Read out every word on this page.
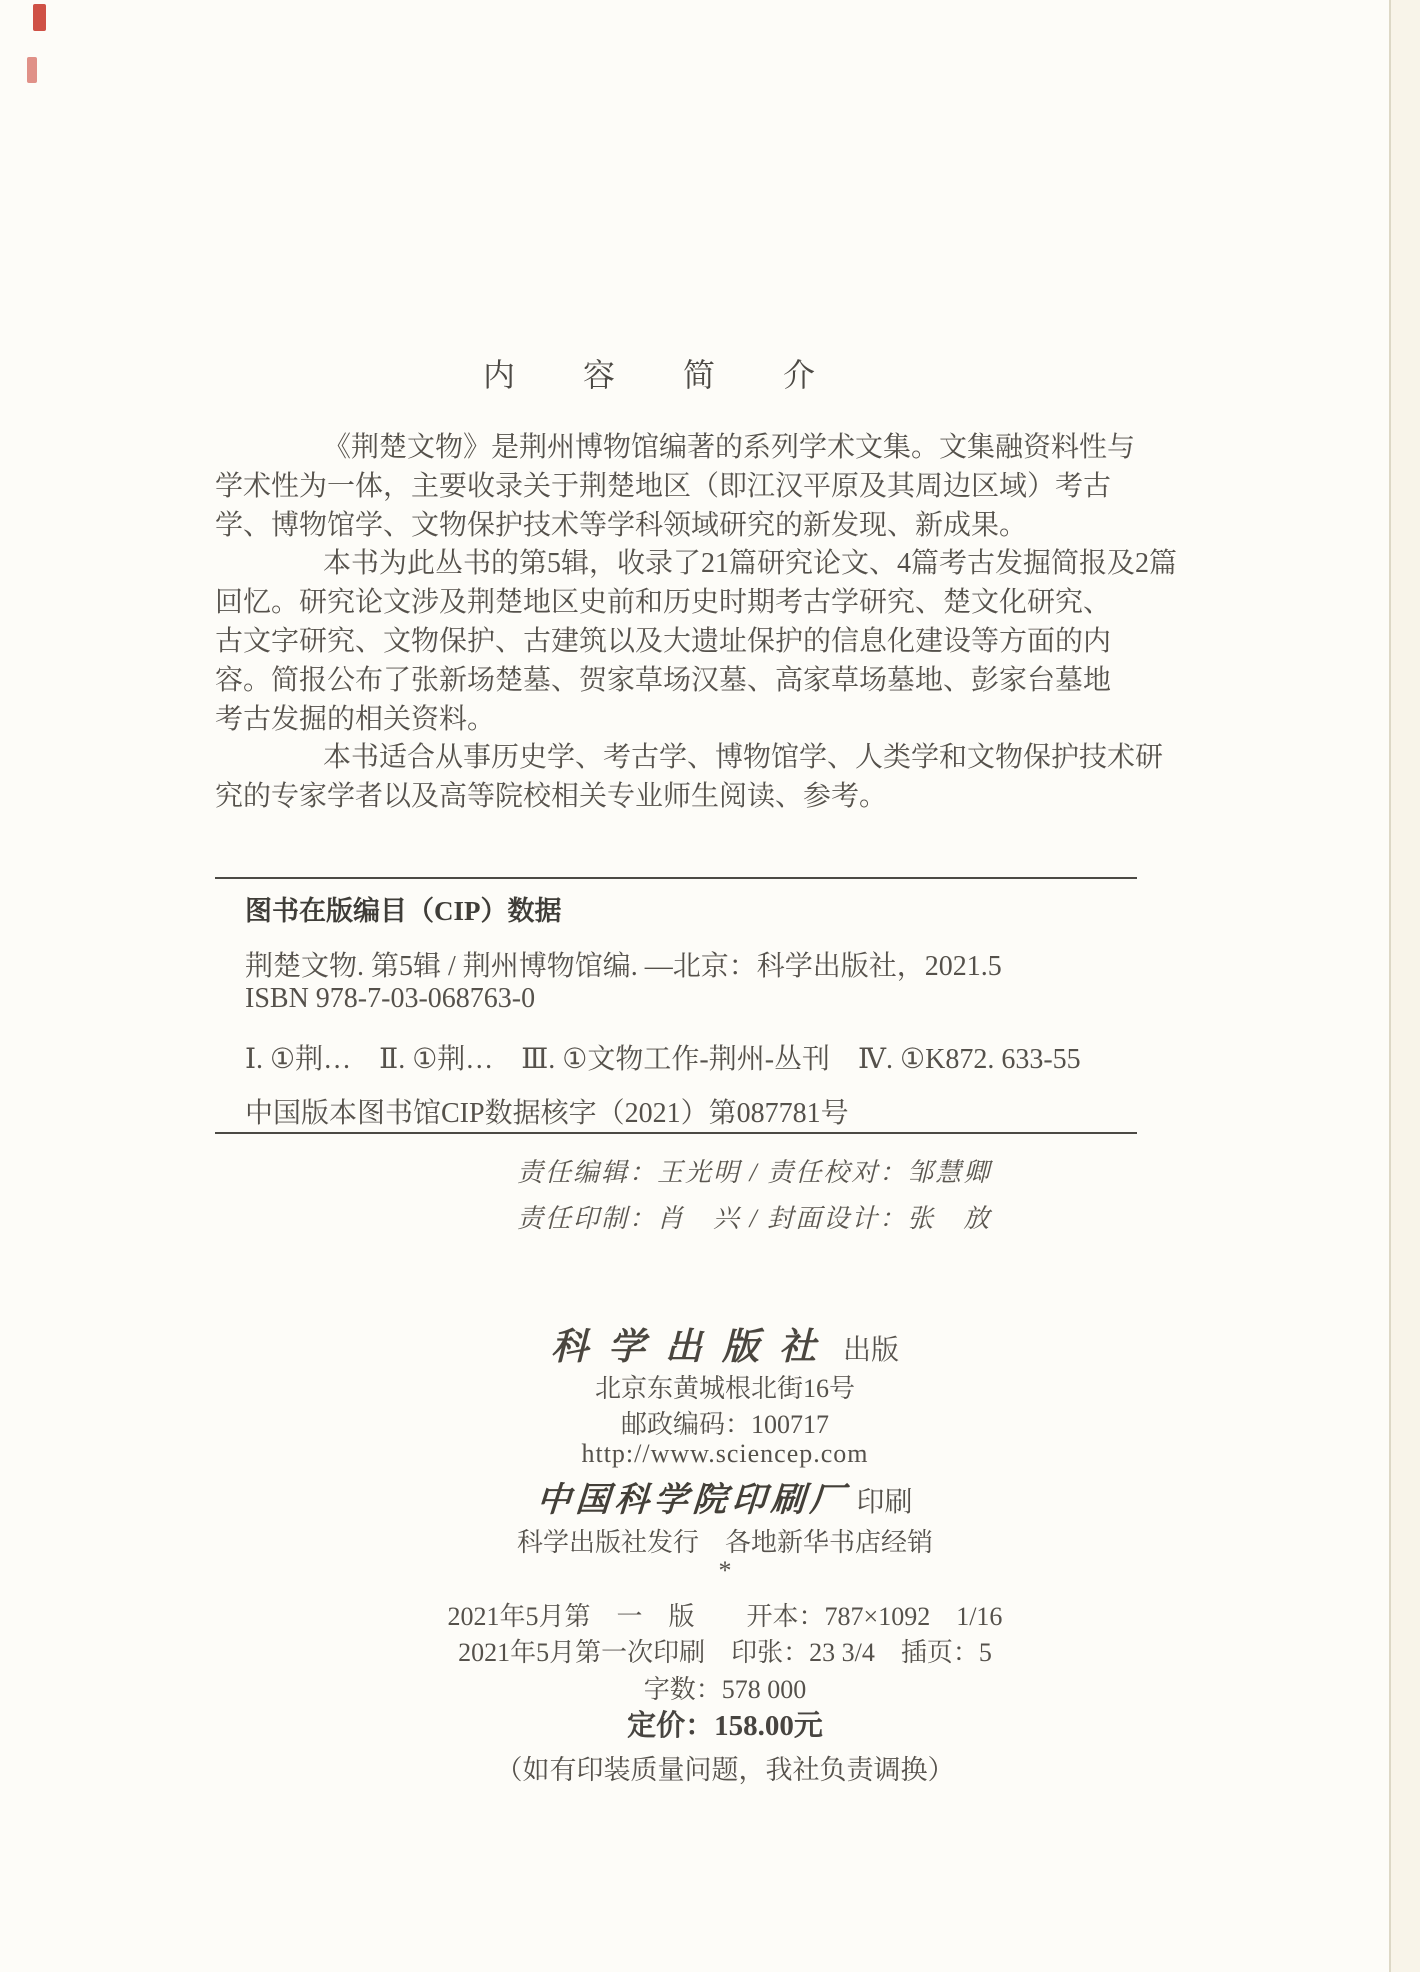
内 容 简 介
《荆楚文物》是荆州博物馆编著的系列学术文集。文集融资料性与
学术性为一体，主要收录关于荆楚地区（即江汉平原及其周边区域）考古
学、博物馆学、文物保护技术等学科领域研究的新发现、新成果。
本书为此丛书的第5辑，收录了21篇研究论文、4篇考古发掘简报及2篇
回忆。研究论文涉及荆楚地区史前和历史时期考古学研究、楚文化研究、
古文字研究、文物保护、古建筑以及大遗址保护的信息化建设等方面的内
容。简报公布了张新场楚墓、贺家草场汉墓、高家草场墓地、彭家台墓地
考古发掘的相关资料。
本书适合从事历史学、考古学、博物馆学、人类学和文物保护技术研
究的专家学者以及高等院校相关专业师生阅读、参考。
图书在版编目（CIP）数据
荆楚文物. 第5辑 / 荆州博物馆编. —北京：科学出版社，2021.5
ISBN 978-7-03-068763-0
Ⅰ. ①荆…　Ⅱ. ①荆…　Ⅲ. ①文物工作-荆州-丛刊　Ⅳ. ①K872. 633-55
中国版本图书馆CIP数据核字（2021）第087781号
责任编辑：王光明 / 责任校对：邹慧卿
责任印制：肖　兴 / 封面设计：张　放
科学出版社 出版
北京东黄城根北街16号
邮政编码：100717
http://www.sciencep.com
中国科学院印刷厂 印刷
科学出版社发行　各地新华书店经销
*
2021年5月第　一　版　　开本：787×1092　1/16
2021年5月第一次印刷　印张：23 3/4　插页：5
字数：578 000
定价：158.00元
（如有印装质量问题，我社负责调换）
